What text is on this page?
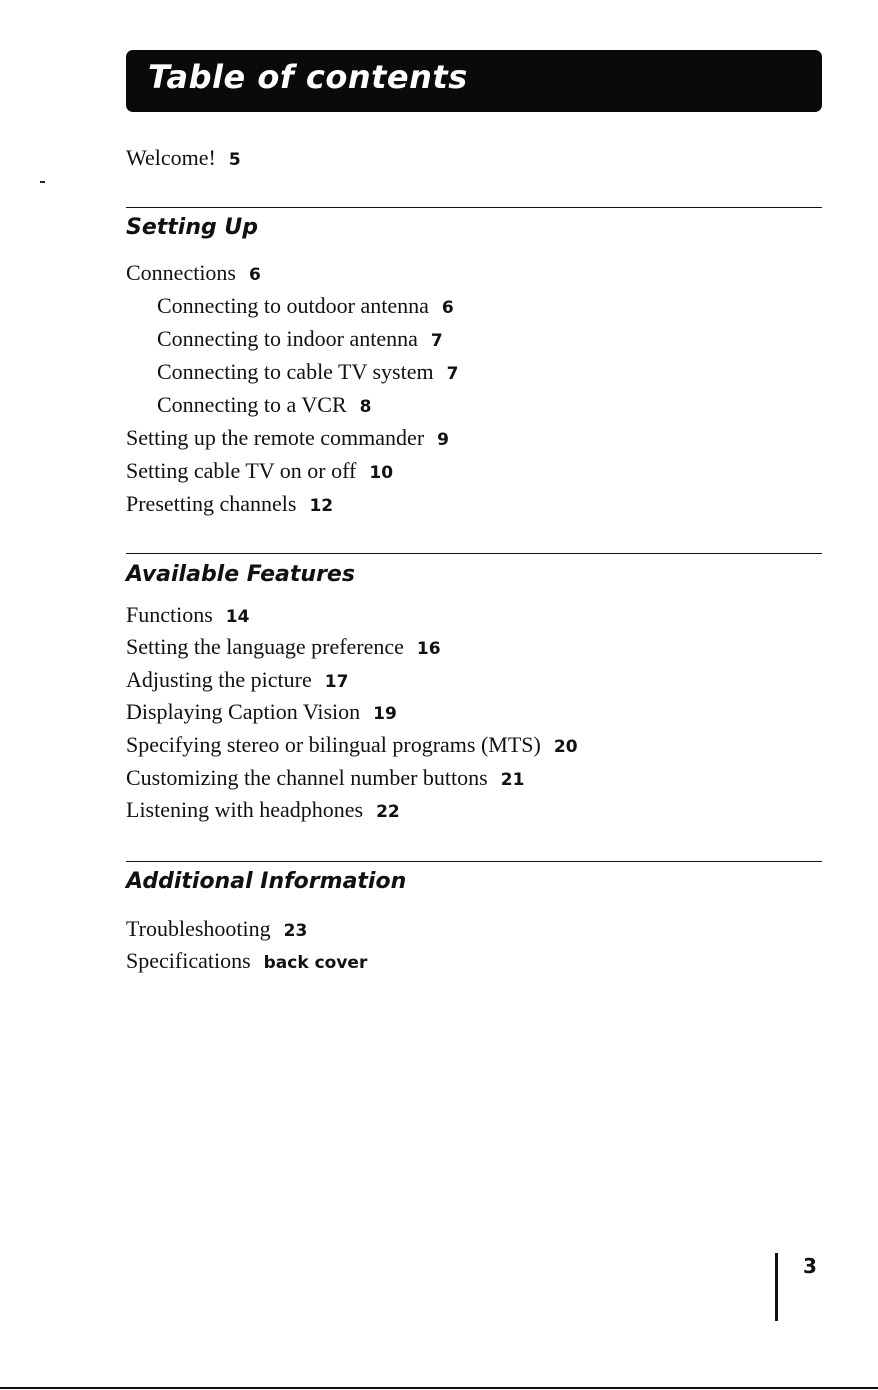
Table of contents
Welcome! 5
Setting Up
Connections 6
Connecting to outdoor antenna 6
Connecting to indoor antenna 7
Connecting to cable TV system 7
Connecting to a VCR 8
Setting up the remote commander 9
Setting cable TV on or off 10
Presetting channels 12
Available Features
Functions 14
Setting the language preference 16
Adjusting the picture 17
Displaying Caption Vision 19
Specifying stereo or bilingual programs (MTS) 20
Customizing the channel number buttons 21
Listening with headphones 22
Additional Information
Troubleshooting 23
Specifications back cover
3
